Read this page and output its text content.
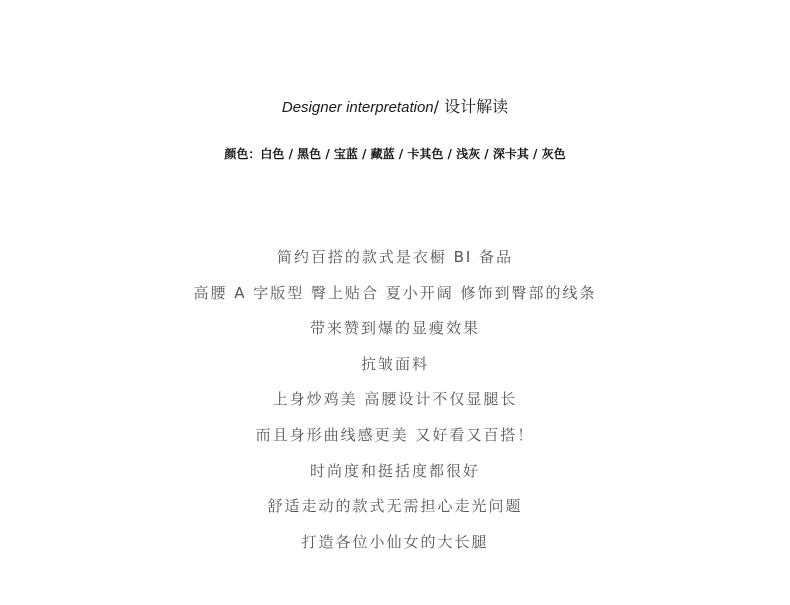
Designer interpretation/ 设计解读
颜色：白色 / 黑色 / 宝蓝 / 藏蓝 / 卡其色 / 浅灰 / 深卡其 / 灰色
简约百搭的款式是衣橱 BI 备品
高腰 A 字版型 臀上贴合 夏小开阔 修饰到臀部的线条
带来赞到爆的显瘦效果
抗皱面料
上身炒鸡美 高腰设计不仅显腿长
而且身形曲线感更美 又好看又百搭！
时尚度和挺括度都很好
舒适走动的款式无需担心走光问题
打造各位小仙女的大长腿
